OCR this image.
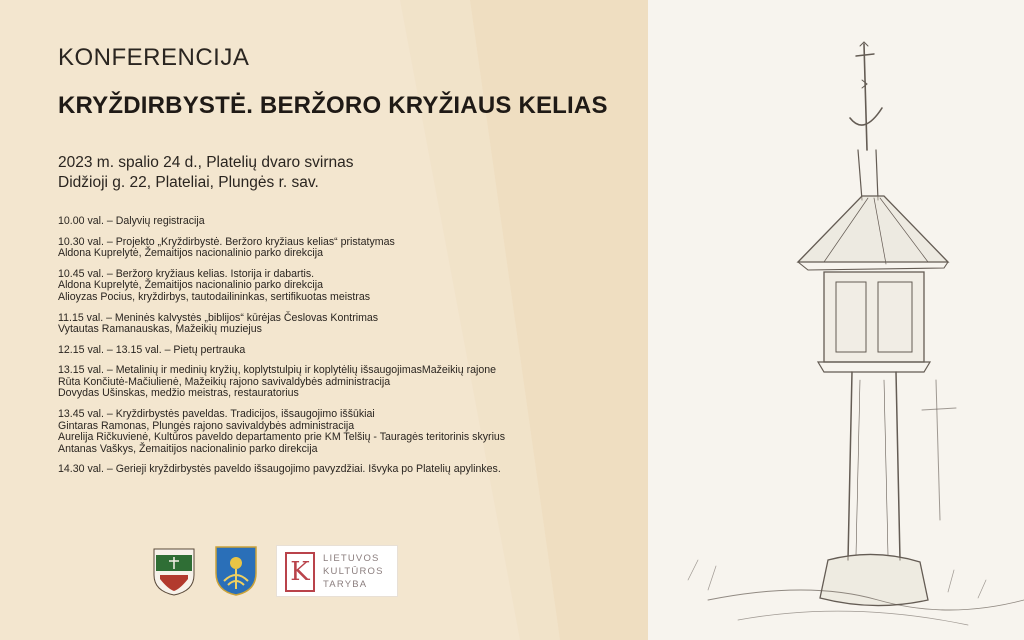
KONFERENCIJA
KRYŽDIRBYSTĖ. BERŽORO KRYŽIAUS KELIAS
2023 m. spalio 24 d., Platelių dvaro svirnas
Didžioji g. 22, Plateliai, Plungės r. sav.
10.00 val. – Dalyvių registracija
10.30 val. – Projekto „Kryždirbystė. Beržoro kryžiaus kelias“ pristatymas
Aldona Kuprelytė, Žemaitijos nacionalinio parko direkcija
10.45 val. – Beržoro kryžiaus kelias. Istorija ir dabartis.
Aldona Kuprelytė, Žemaitijos nacionalinio parko direkcija
Alioyzas Pocius, kryždirbys, tautodailininkas, sertifikuotas meistras
11.15 val. – Meninės kalvystės „biblijos“ kūrėjas Česlovas Kontrimas
Vytautas Ramanauskas, Mažeikių muziejus
12.15 val. – 13.15 val. – Pietų pertrauka
13.15 val. – Metalinių ir medinių kryžių, koplytstulpių ir koplytėlių išsaugojimasMažeikių rajone
Rūta Končiutė-Mačiulienė, Mažeikių rajono savivaldybės administracija
Dovydas Ušinskas, medžio meistras, restauratorius
13.45 val. – Kryždirbystės paveldas. Tradicijos, išsaugojimo iššūkiai
Gintaras Ramonas, Plungės rajono savivaldybės administracija
Aurelija Ričkuvienė, Kultūros paveldo departamento prie KM Telšių - Tauragės teritorinis skyrius
Antanas Vaškys, Žemaitijos nacionalinio parko direkcija
14.30 val. – Gerieji kryždirbystės paveldo išsaugojimo pavyzdžiai. Išvyka po Platelių apylinkes.
K	LIETUVOS
KULTŪROS
TARYBA
